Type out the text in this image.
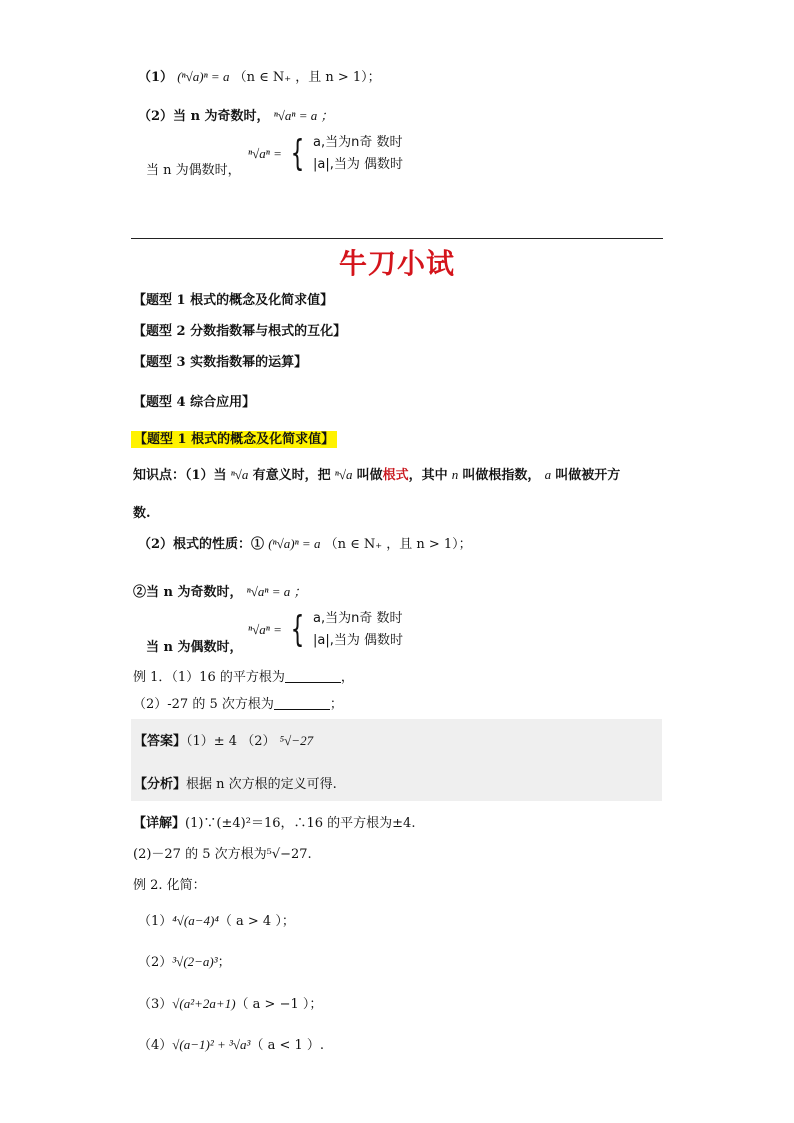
（1） (ⁿ√a)ⁿ = a （n ∈ N₊ ，且 n > 1）；
（2）当 n 为奇数时， ⁿ√aⁿ = a ；
当 n 为偶数时，
ⁿ√aⁿ = { a,当为n奇 数时
|a|,当为 偶数时
牛刀小试
【题型 1 根式的概念及化简求值】
【题型 2 分数指数幂与根式的互化】
【题型 3 实数指数幂的运算】
【题型 4 综合应用】
【题型 1 根式的概念及化简求值】
知识点：（1）当 ⁿ√a 有意义时，把 ⁿ√a 叫做根式，其中 n 叫做根指数， a 叫做被开方
数.
（2）根式的性质：① (ⁿ√a)ⁿ = a （n ∈ N₊ ，且 n > 1）；
②当 n 为奇数时， ⁿ√aⁿ = a ；
当 n 为偶数时，
ⁿ√aⁿ = { a,当为n奇 数时
|a|,当为 偶数时
例 1．（1）16 的平方根为	，
（2）-27 的 5 次方根为	；
【答案】（1）± 4 （2） ⁵√−27
【分析】根据 n 次方根的定义可得.
【详解】(1)∵(±4)²＝16，∴16 的平方根为±4.
(2)－27 的 5 次方根为⁵√−27.
例 2. 化简：
（1）⁴√(a−4)⁴（ a > 4 ）；
（2）³√(2−a)³；
（3）√(a²+2a+1)（ a > −1 ）；
（4）√(a−1)² + ³√a³（ a < 1 ）.
